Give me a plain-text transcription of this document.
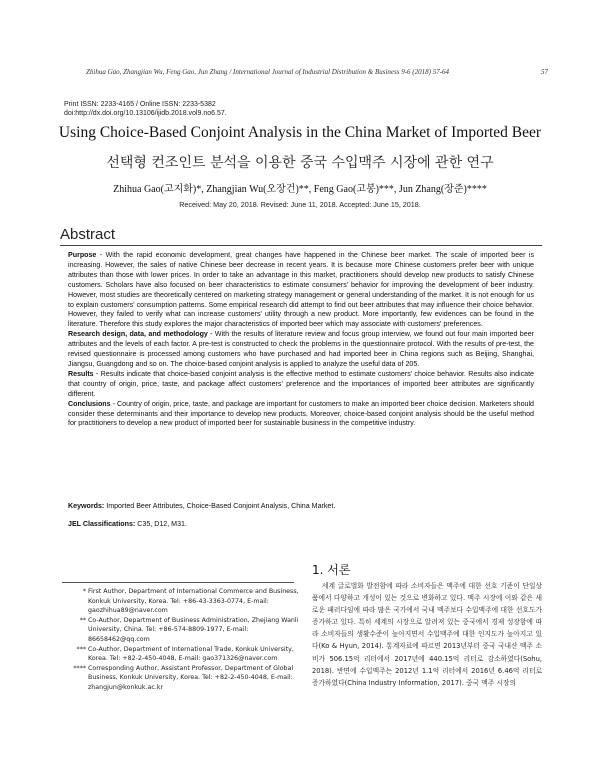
Zhihua Gao, Zhangjian Wu, Feng Gao, Jun Zhang / International Journal of Industrial Distribution & Business 9-6 (2018) 57-64	57
Print ISSN: 2233-4165 / Online ISSN: 2233-5382
doi:http://dx.doi.org/10.13106/ijidb.2018.vol9.no6.57.
Using Choice-Based Conjoint Analysis in the China Market of Imported Beer
선택형 컨조인트 분석을 이용한 중국 수입맥주 시장에 관한 연구
Zhihua Gao(고지화)*, Zhangjian Wu(오장건)**, Feng Gao(고봉)***, Jun Zhang(장준)****
Received: May 20, 2018. Revised: June 11, 2018. Accepted: June 15, 2018.
Abstract

Purpose - With the rapid economic development, great changes have happened in the Chinese beer market. The scale of imported beer is increasing. However, the sales of native Chinese beer decrease in recent years. It is because more Chinese customers prefer beer with unique attributes than those with lower prices. In order to take an advantage in this market, practitioners should develop new products to satisfy Chinese customers. Scholars have also focused on beer characteristics to estimate consumers' behavior for improving the development of beer industry. However, most studies are theoretically centered on marketing strategy management or general understanding of the market. It is not enough for us to explain customers' consumption patterns. Some empirical research did attempt to find out beer attributes that may influence their choice behavior. However, they failed to verify what can increase customers' utility through a new product. More importantly, few evidences can be found in the literature. Therefore this study explores the major characteristics of imported beer which may associate with customers' preferences.

Research design, data, and methodology - With the results of literature review and focus group interview, we found out four main imported beer attributes and the levels of each factor. A pre-test is constructed to check the problems in the questionnaire protocol. With the results of pre-test, the revised questionnaire is processed among customers who have purchased and had imported beer in China regions such as Beijing, Shanghai, Jiangsu, Guangdong and so on. The choice-based conjoint analysis is applied to analyze the useful data of 205.

Results - Results indicate that choice-based conjoint analysis is the effective method to estimate customers' choice behavior. Results also indicate that country of origin, price, taste, and package affect customers' preference and the importances of imported beer attributes are significantly different.

Conclusions - Country of origin, price, taste, and package are important for customers to make an imported beer choice decision. Marketers should consider these determinants and their importance to develop new products. Moreover, choice-based conjoint analysis should be the useful method for practitioners to develop a new product of imported beer for sustainable business in the competitive industry.

Keywords: Imported Beer Attributes, Choice-Based Conjoint Analysis, China Market.
JEL Classifications: C35, D12, M31.
* First Author, Department of International Commerce and Business, Konkuk University, Korea. Tel: +86-43-3363-0774, E-mail: gaozhihua89@naver.com
** Co-Author, Department of Business Administration, Zhejiang Wanli University, China. Tel: +86-574-8809-1977, E-mail: 86658462@qq.com
*** Co-Author, Department of International Trade, Konkuk University, Korea. Tel: +82-2-450-4048, E-mail: gao371326@naver.com
**** Corresponding Author, Assistant Professor, Department of Global Business, Konkuk University, Korea. Tel: +82-2-450-4048, E-mail: zhangjun@konkuk.ac.kr
1. 서론

세계 글로벌화 발전함에 따라 소비자들은 맥주에 대한 선호 기준이 단일상품에서 다양하고 개성이 있는 것으로 변화하고 있다. 맥주 시장에 이와 같은 새로운 패러다임에 따라 많은 국가에서 국내 맥주보다 수입맥주에 대한 선호도가 증가하고 있다. 특히 세계의 시장으로 알려져 있는 중국에서 경제 성장함에 따라 소비자들의 생활수준이 높아지면서 수입맥주에 대한 인지도가 높아지고 있다(Ko & Hyun, 2014). 통계자료에 따르면 2013년부터 중국 국내산 맥주 소비가 506.15억 리터에서 2017년에 440.15억 리터로 감소하였다(Sohu, 2018). 반면에 수입맥주는 2012년 1.1억 리터에서 2016년 6.46억 리터로 증가하였다(China Industry Information, 2017). 중국 맥주 시장의
